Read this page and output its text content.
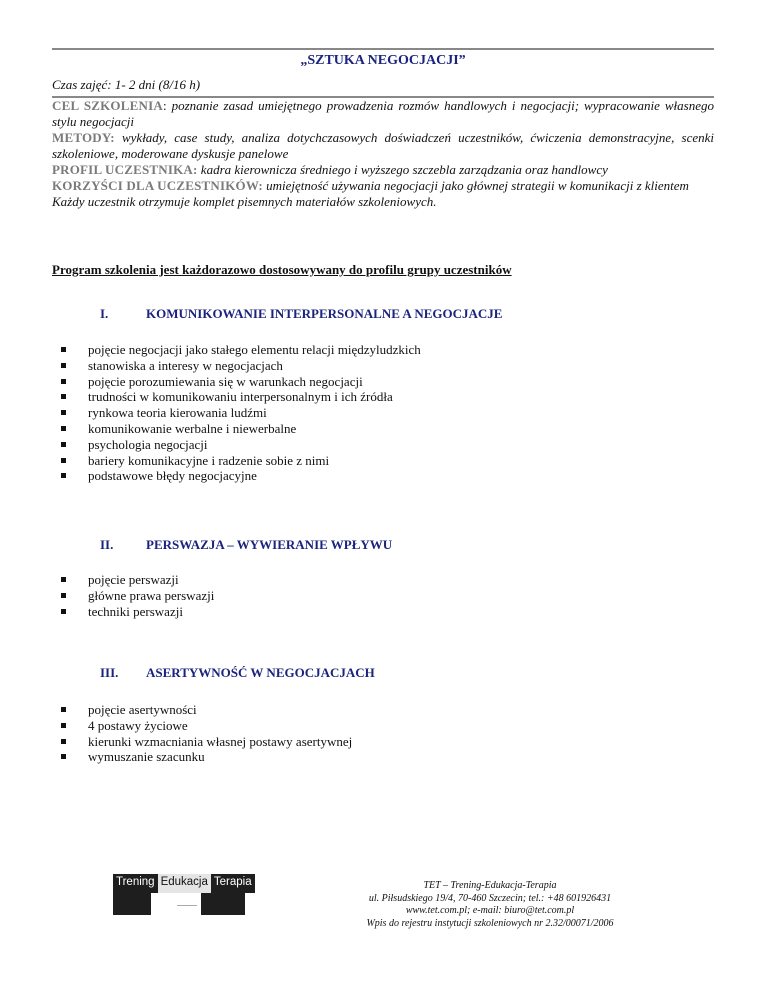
„SZTUKA NEGOCJACJI”
Czas zajęć: 1- 2 dni (8/16 h)

CEL SZKOLENIA: poznanie zasad umiejętnego prowadzenia rozmów handlowych i negocjacji; wypracowanie własnego stylu negocjacji

METODY: wykłady, case study, analiza dotychczasowych doświadczeń uczestników, ćwiczenia demonstracyjne, scenki szkoleniowe, moderowane dyskusje panelowe

PROFIL UCZESTNIKA: kadra kierownicza średniego i wyższego szczebla zarządzania oraz handlowcy

KORZYŚCI DLA UCZESTNIKÓW: umiejętność używania negocjacji jako głównej strategii w komunikacji z klientem

Każdy uczestnik otrzymuje komplet pisemnych materiałów szkoleniowych.

Program szkolenia jest każdorazowo dostosowywany do profilu grupy uczestników
I.	KOMUNIKOWANIE INTERPERSONALNE A NEGOCJACJE
pojęcie negocjacji jako stałego elementu relacji międzyludzkich
stanowiska a interesy w negocjacjach
pojęcie porozumiewania się w warunkach negocjacji
trudności w komunikowaniu interpersonalnym i ich źródła
rynkowa teoria kierowania ludźmi
komunikowanie werbalne i niewerbalne
psychologia negocjacji
bariery komunikacyjne i radzenie sobie z nimi
podstawowe błędy negocjacyjne
II.	PERSWAZJA – WYWIERANIE WPŁYWU
pojęcie perswazji
główne prawa perswazji
techniki perswazji
III. ASERTYWNOŚĆ W NEGOCJACJACH
pojęcie asertywności
4 postawy życiowe
kierunki wzmacniania własnej postawy asertywnej
wymuszanie szacunku
Trening Edukacja Terapia	TET – Trening-Edukacja-Terapia
ul. Piłsudskiego 19/4, 70-460 Szczecin; tel.: +48 601926431
www.tet.com.pl; e-mail: biuro@tet.com.pl
Wpis do rejestru instytucji szkoleniowych nr 2.32/00071/2006
